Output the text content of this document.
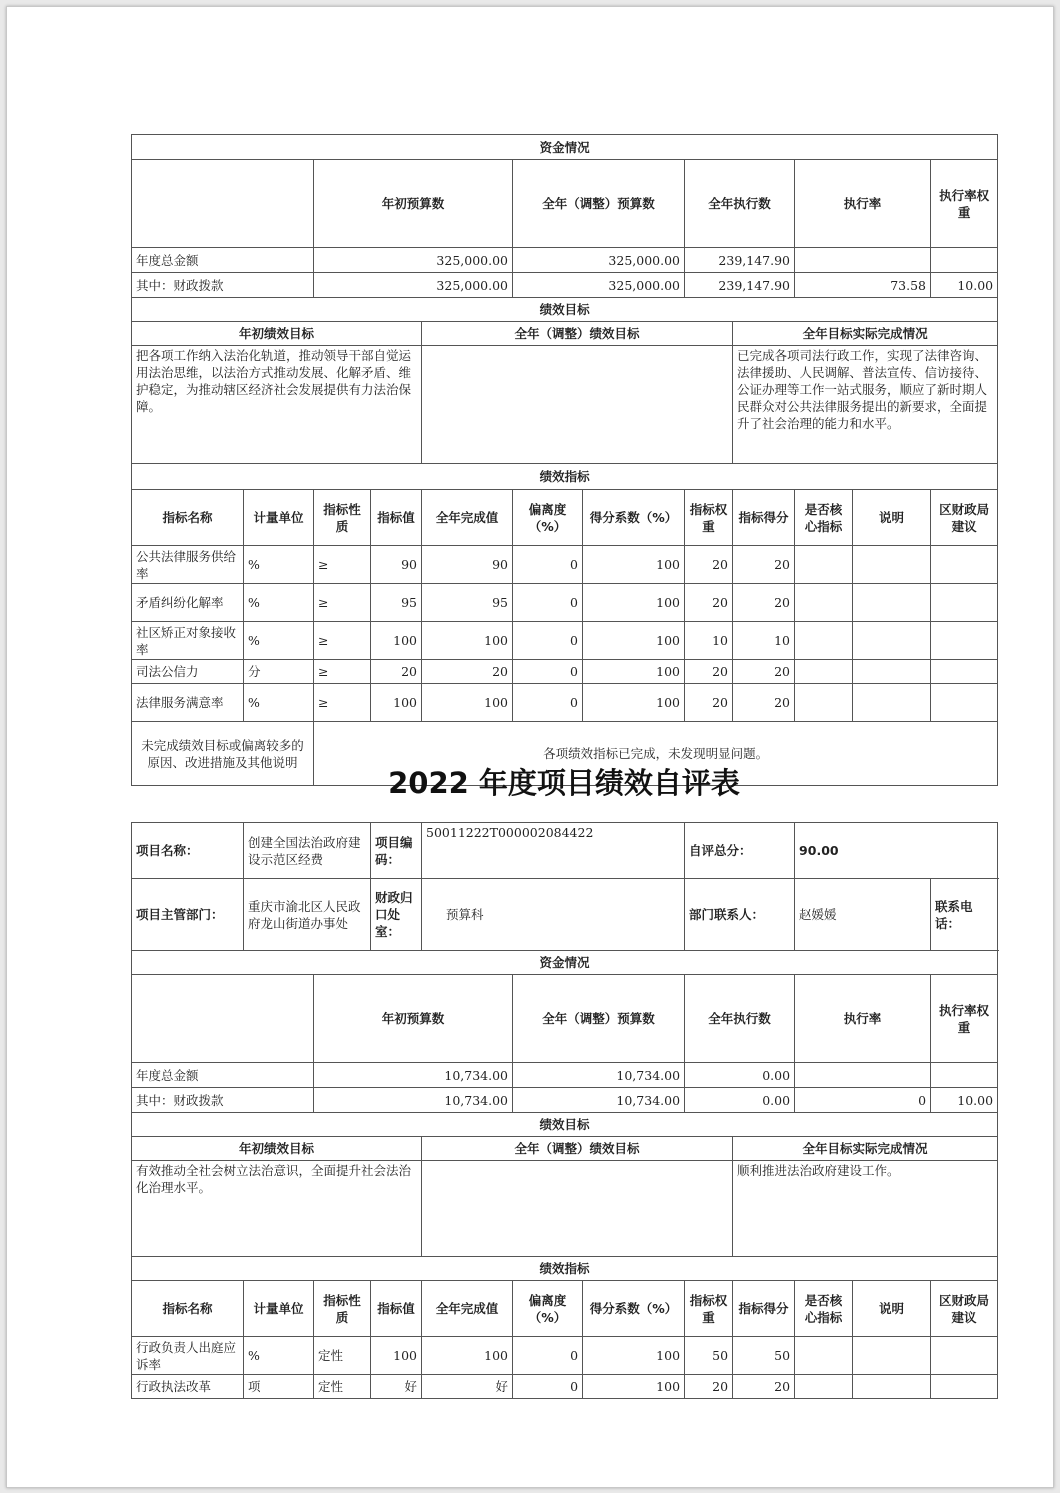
资金情况												
		年初预算数			全年（调整）预算数		全年执行数		执行率		执行率权重	
年度总金额		325,000.00			325,000.00		239,147.90					
其中：财政拨款		325,000.00			325,000.00		239,147.90		73.58		10.00	
绩效目标												
年初绩效目标				全年（调整）绩效目标				全年目标实际完成情况				
把各项工作纳入法治化轨道，推动领导干部自觉运用法治思维，以法治方式推动发展、化解矛盾、维护稳定，为推动辖区经济社会发展提供有力法治保障。								已完成各项司法行政工作，实现了法律咨询、法律援助、人民调解、普法宣传、信访接待、公证办理等工作一站式服务，顺应了新时期人民群众对公共法律服务提出的新要求，全面提升了社会治理的能力和水平。				
绩效指标												
指标名称	计量单位	指标性质	指标值	全年完成值	偏离度（%）	得分系数（%）	指标权重	指标得分	是否核心指标	说明	区财政局建议	
公共法律服务供给率	%	≥	90	90	0	100	20	20				
矛盾纠纷化解率	%	≥	95	95	0	100	20	20				
社区矫正对象接收率	%	≥	100	100	0	100	10	10				
司法公信力	分	≥	20	20	0	100	20	20				
法律服务满意率	%	≥	100	100	0	100	20	20				
未完成绩效目标或偏离较多的原因、改进措施及其他说明		各项绩效指标已完成，未发现明显问题。										
2022 年度项目绩效自评表
项目名称：	创建全国法治政府建设示范区经费		项目编码：	50011222T000002084422			自评总分：		90.00			
项目主管部门：	重庆市渝北区人民政府龙山街道办事处		财政归口处室：	预算科			部门联系人：		赵媛媛		联系电话：	
资金情况												
		年初预算数			全年（调整）预算数		全年执行数		执行率		执行率权重	
年度总金额		10,734.00			10,734.00		0.00					
其中：财政拨款		10,734.00			10,734.00		0.00		0		10.00	
绩效目标												
年初绩效目标				全年（调整）绩效目标				全年目标实际完成情况				
有效推动全社会树立法治意识，全面提升社会法治化治理水平。								顺利推进法治政府建设工作。				
绩效指标												
指标名称	计量单位	指标性质	指标值	全年完成值	偏离度（%）	得分系数（%）	指标权重	指标得分	是否核心指标	说明	区财政局建议	
行政负责人出庭应诉率	%	定性	100	100	0	100	50	50				
行政执法改革	项	定性	好	好	0	100	20	20				
